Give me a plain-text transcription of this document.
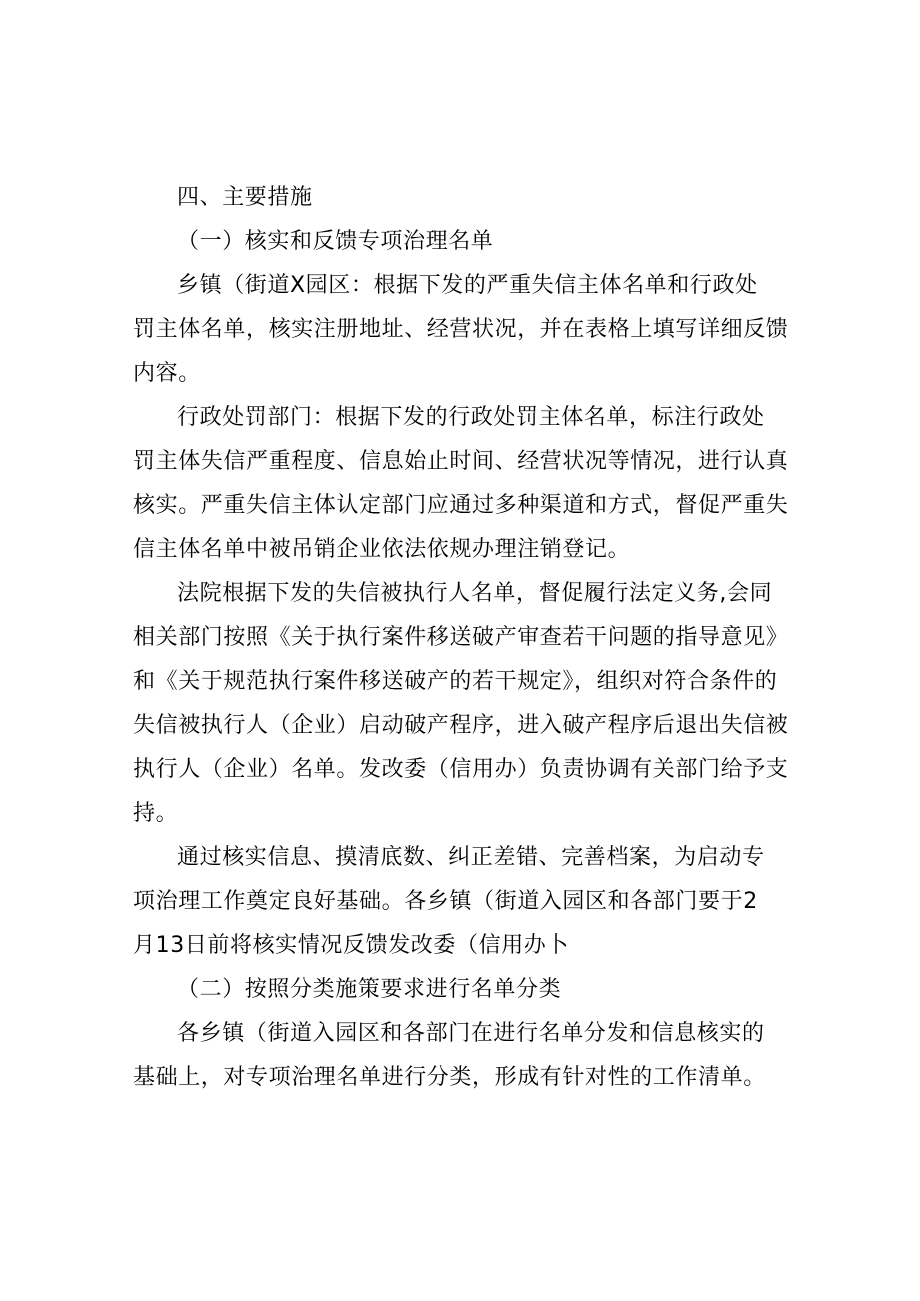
四、主要措施
（一）核实和反馈专项治理名单
乡镇（街道X园区：根据下发的严重失信主体名单和行政处
罚主体名单，核实注册地址、经营状况，并在表格上填写详细反馈
内容。
行政处罚部门：根据下发的行政处罚主体名单，标注行政处
罚主体失信严重程度、信息始止时间、经营状况等情况，进行认真
核实。严重失信主体认定部门应通过多种渠道和方式，督促严重失
信主体名单中被吊销企业依法依规办理注销登记。
法院根据下发的失信被执行人名单，督促履行法定义务,会同
相关部门按照《关于执行案件移送破产审查若干问题的指导意见》
和《关于规范执行案件移送破产的若干规定》，组织对符合条件的
失信被执行人（企业）启动破产程序，进入破产程序后退出失信被
执行人（企业）名单。发改委（信用办）负责协调有关部门给予支
持。
通过核实信息、摸清底数、纠正差错、完善档案，为启动专
项治理工作奠定良好基础。各乡镇（街道入园区和各部门要于2
月13日前将核实情况反馈发改委（信用办卜
（二）按照分类施策要求进行名单分类
各乡镇（街道入园区和各部门在进行名单分发和信息核实的
基础上，对专项治理名单进行分类，形成有针对性的工作清单。
